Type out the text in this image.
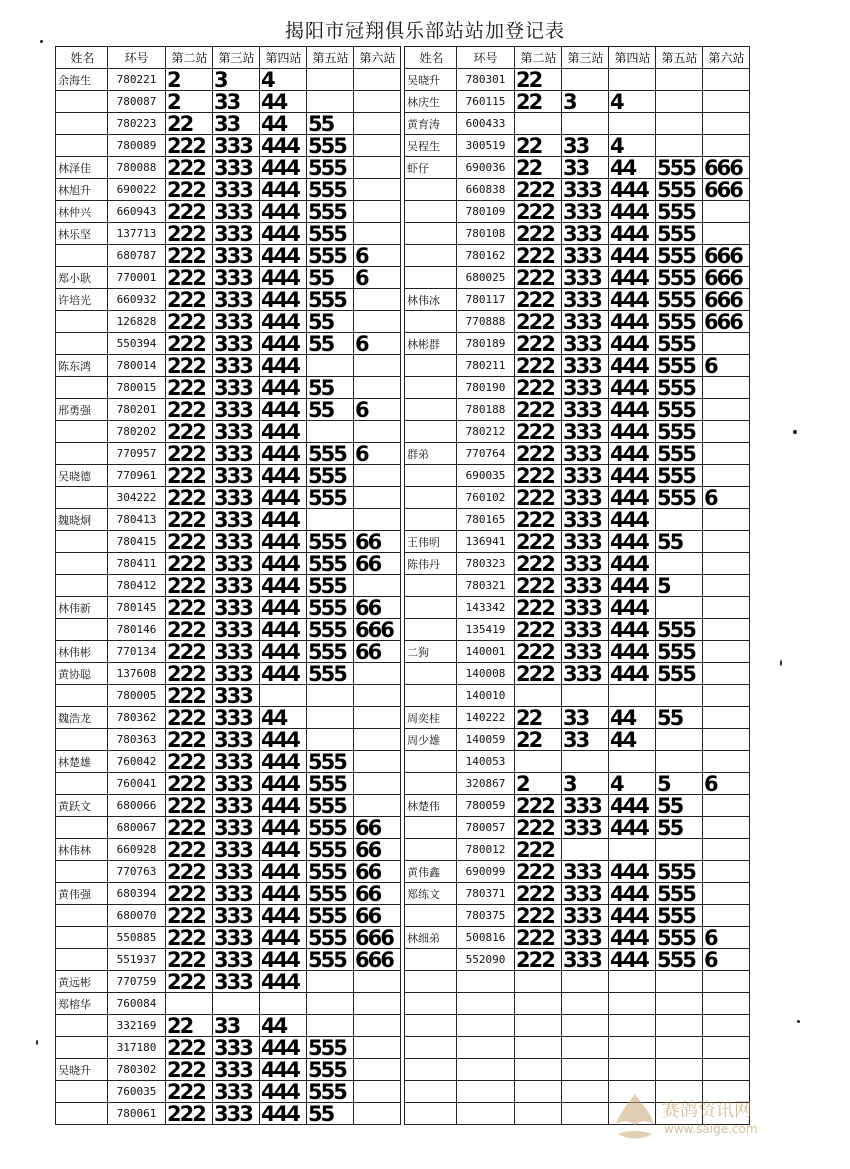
揭阳市冠翔俱乐部站站加登记表
姓名	环号	第二站	第三站	第四站	第五站	第六站
余海生	780221	2	3	4		
	780087	2	33	44		
	780223	22	33	44	55	
	780089	222	333	444	555	
林泽佳	780088	222	333	444	555	
林旭升	690022	222	333	444	555	
林仲兴	660943	222	333	444	555	
林乐坚	137713	222	333	444	555	
	680787	222	333	444	555	6
郑小耿	770001	222	333	444	55	6
许培光	660932	222	333	444	555	
	126828	222	333	444	55	
	550394	222	333	444	55	6
陈东鸿	780014	222	333	444		
	780015	222	333	444	55	
邢勇强	780201	222	333	444	55	6
	780202	222	333	444		
	770957	222	333	444	555	6
吴晓德	770961	222	333	444	555	
	304222	222	333	444	555	
魏晓炯	780413	222	333	444		
	780415	222	333	444	555	66
	780411	222	333	444	555	66
	780412	222	333	444	555	
林伟新	780145	222	333	444	555	66
	780146	222	333	444	555	666
林伟彬	770134	222	333	444	555	66
黄协聪	137608	222	333	444	555	
	780005	222	333			
魏浩龙	780362	222	333	44		
	780363	222	333	444		
林楚雄	760042	222	333	444	555	
	760041	222	333	444	555	
黄跃文	680066	222	333	444	555	
	680067	222	333	444	555	66
林伟林	660928	222	333	444	555	66
	770763	222	333	444	555	66
黄伟强	680394	222	333	444	555	66
	680070	222	333	444	555	66
	550885	222	333	444	555	666
	551937	222	333	444	555	666
黄远彬	770759	222	333	444		
郑榕华	760084					
	332169	22	33	44		
	317180	222	333	444	555	
吴晓升	780302	222	333	444	555	
	760035	222	333	444	555	
	780061	222	333	444	55	
姓名	环号	第二站	第三站	第四站	第五站	第六站
吴晓升	780301	22				
林庆生	760115	22	3	4		
黄育涛	600433					
吴程生	300519	22	33	4		
虾仔	690036	22	33	44	555	666
	660838	222	333	444	555	666
	780109	222	333	444	555	
	780108	222	333	444	555	
	780162	222	333	444	555	666
	680025	222	333	444	555	666
林伟冰	780117	222	333	444	555	666
	770888	222	333	444	555	666
林彬群	780189	222	333	444	555	
	780211	222	333	444	555	6
	780190	222	333	444	555	
	780188	222	333	444	555	
	780212	222	333	444	555	
群弟	770764	222	333	444	555	
	690035	222	333	444	555	
	760102	222	333	444	555	6
	780165	222	333	444		
王伟明	136941	222	333	444	55	
陈伟丹	780323	222	333	444		
	780321	222	333	444	5	
	143342	222	333	444		
	135419	222	333	444	555	
二狗	140001	222	333	444	555	
	140008	222	333	444	555	
	140010					
周奕桂	140222	22	33	44	55	
周少雄	140059	22	33	44		
	140053					
	320867	2	3	4	5	6
林楚伟	780059	222	333	444	55	
	780057	222	333	444	55	
	780012	222				
黄伟鑫	690099	222	333	444	555	
郑练文	780371	222	333	444	555	
	780375	222	333	444	555	
林细弟	500816	222	333	444	555	6
	552090	222	333	444	555	6

赛鸽资讯网
www.saige.com
